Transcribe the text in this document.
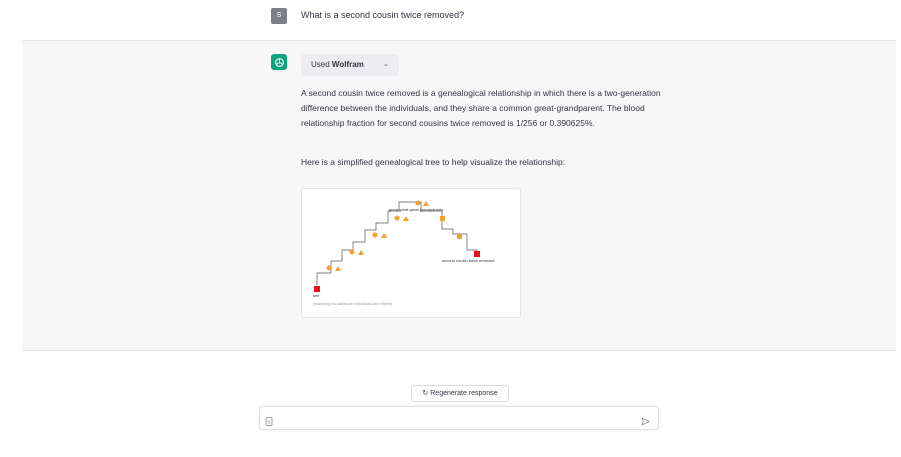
S	What is a second cousin twice removed?
Used Wolfram	⌄

A second cousin twice removed is a genealogical relationship in which there is a two-generation difference between the individuals, and they share a common great-grandparent. The blood relationship fraction for second cousins twice removed is 1/256 or 0.390625%.

Here is a simplified genealogical tree to help visualize the relationship:

great great great grandparents
second cousin twice removed
self
(assuming no additional individuals are related)
↻ Regenerate response
